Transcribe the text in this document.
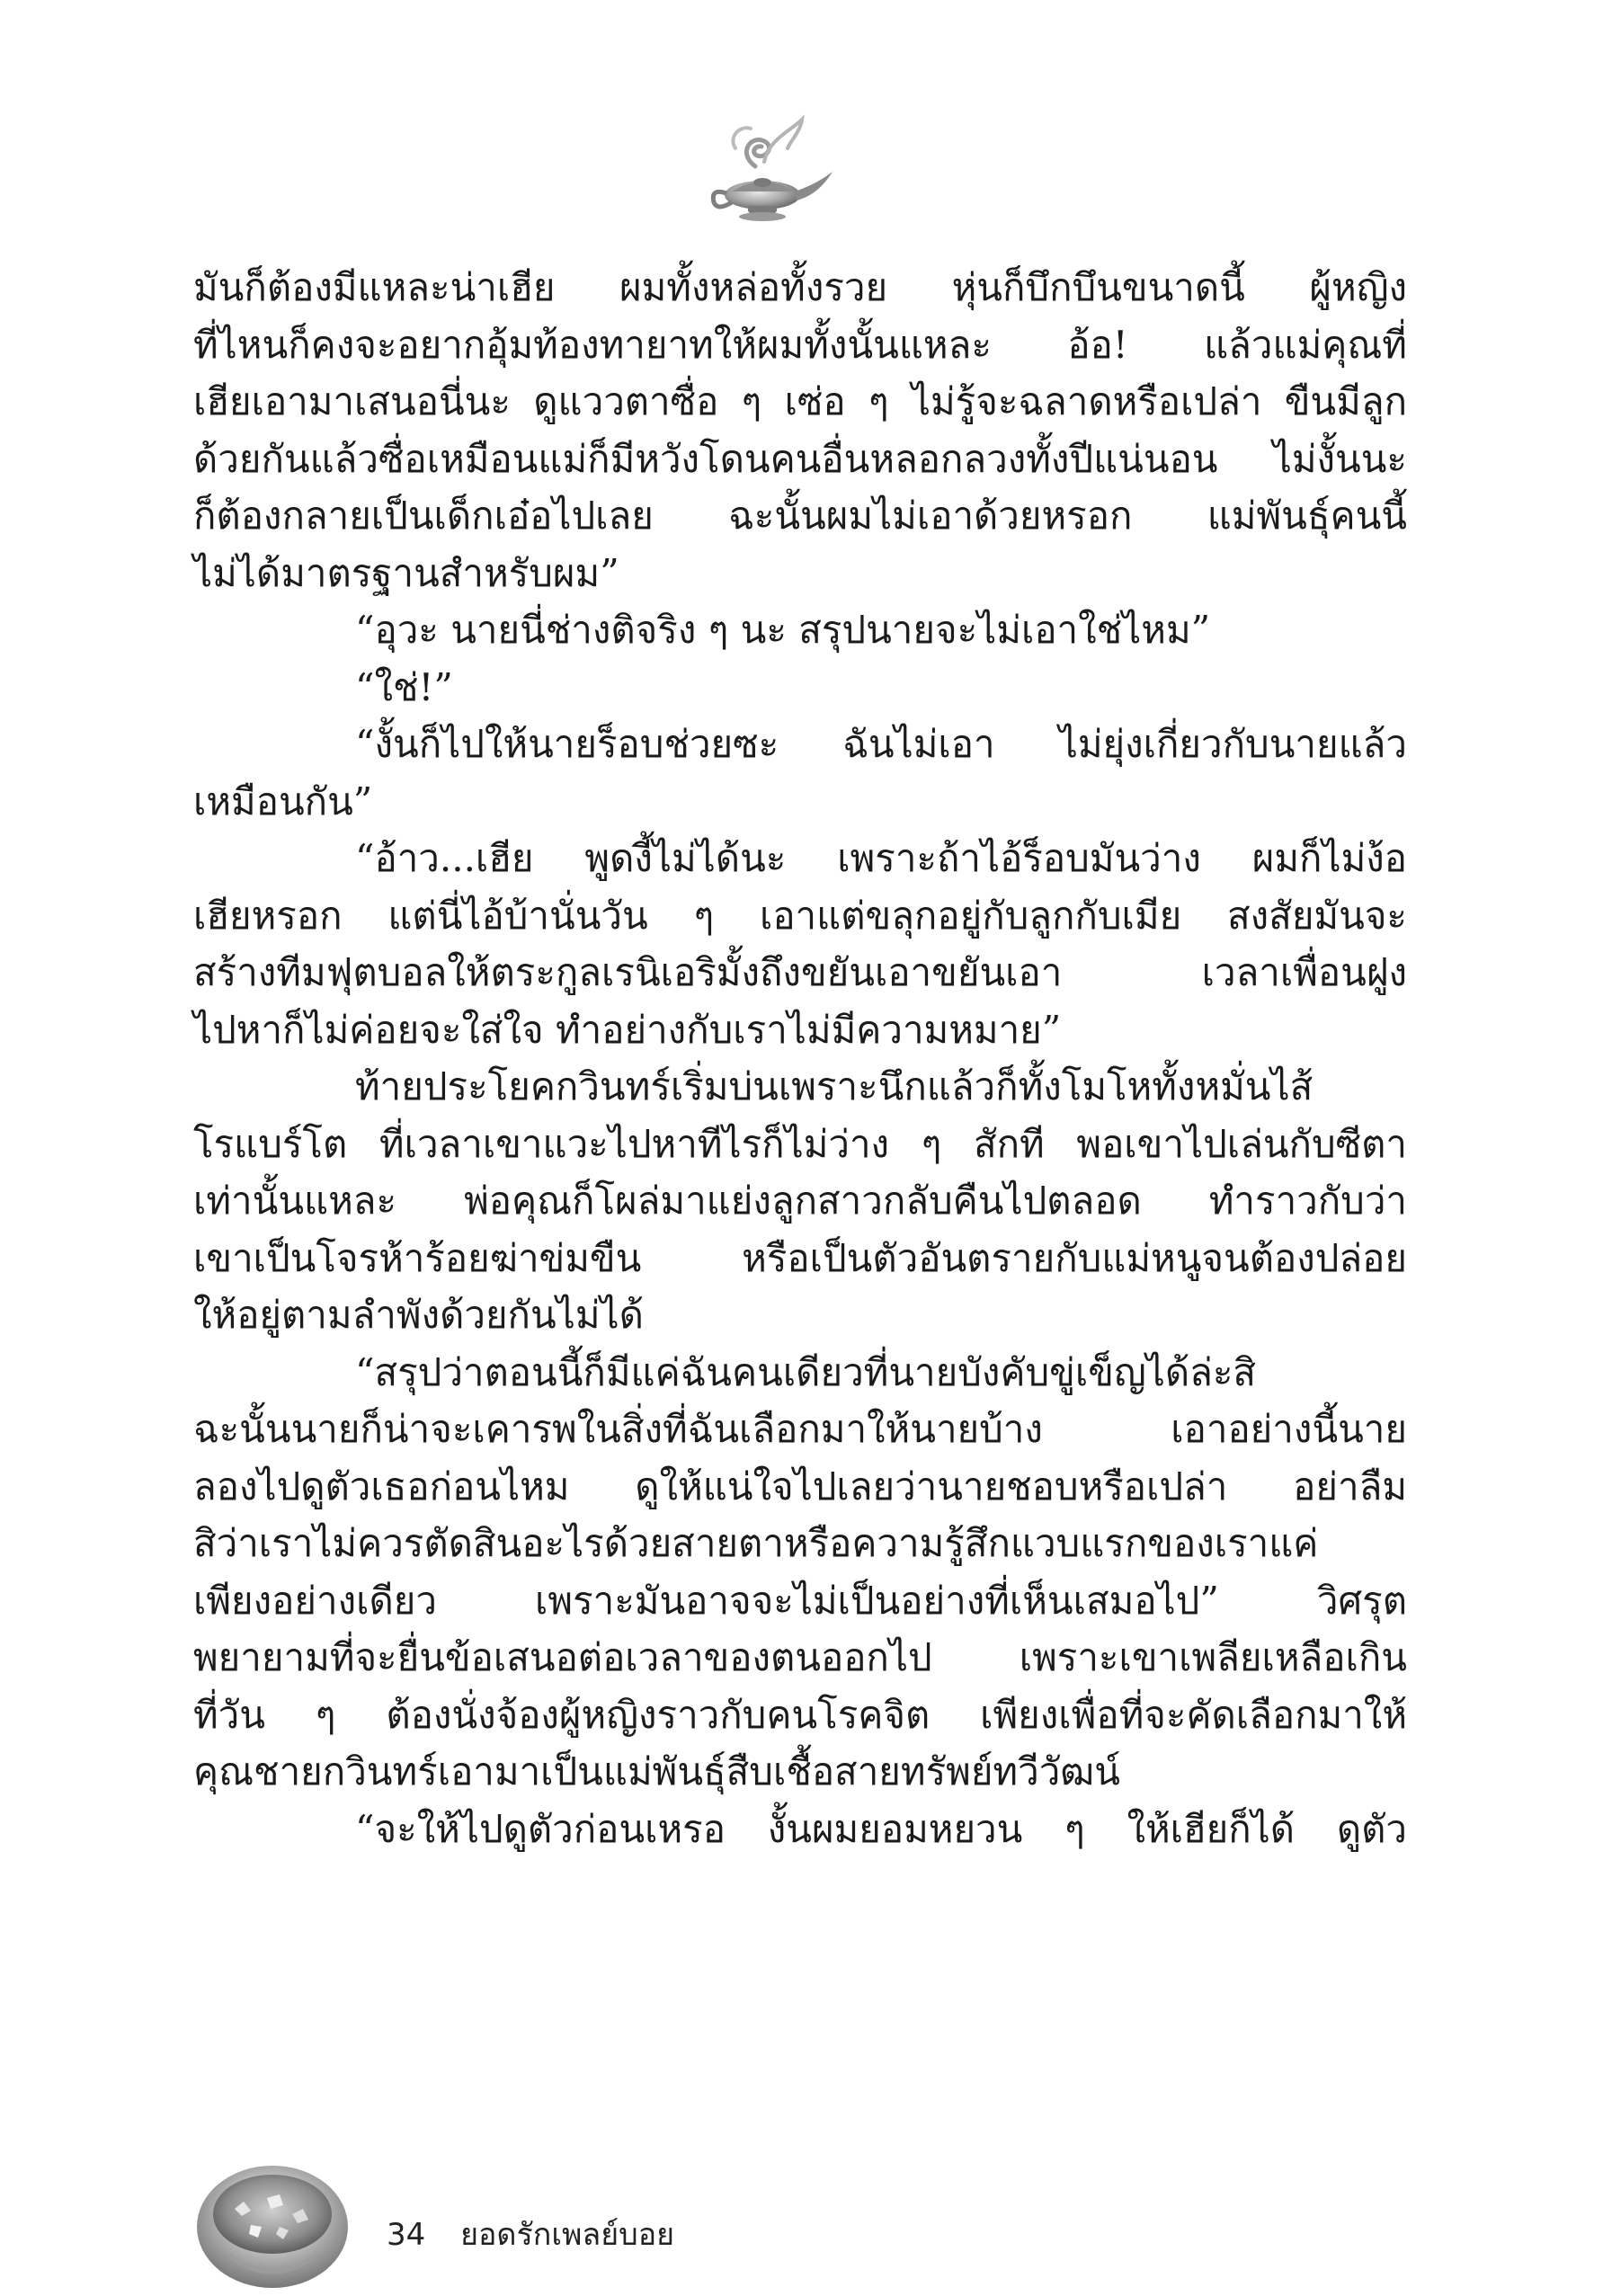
มันก็ต้องมีแหละน่าเฮีย ผมทั้งหล่อทั้งรวย หุ่นก็บึกบึนขนาดนี้ ผู้หญิง
ที่ไหนก็คงจะอยากอุ้มท้องทายาทให้ผมทั้งนั้นแหละ อ้อ! แล้วแม่คุณที่
เฮียเอามาเสนอนี่นะ ดูแววตาซื่อ ๆ เซ่อ ๆ ไม่รู้จะฉลาดหรือเปล่า ขืนมีลูก
ด้วยกันแล้วซื่อเหมือนแม่ก็มีหวังโดนคนอื่นหลอกลวงทั้งปีแน่นอน ไม่งั้นนะ
ก็ต้องกลายเป็นเด็กเอ๋อไปเลย ฉะนั้นผมไม่เอาด้วยหรอก แม่พันธุ์คนนี้
ไม่ได้มาตรฐานสำหรับผม”
“อุวะ นายนี่ช่างติจริง ๆ นะ สรุปนายจะไม่เอาใช่ไหม”
“ใช่!”
“งั้นก็ไปให้นายร็อบช่วยซะ ฉันไม่เอา ไม่ยุ่งเกี่ยวกับนายแล้ว
เหมือนกัน”
“อ้าว...เฮีย พูดงี้ไม่ได้นะ เพราะถ้าไอ้ร็อบมันว่าง ผมก็ไม่ง้อ
เฮียหรอก แต่นี่ไอ้บ้านั่นวัน ๆ เอาแต่ขลุกอยู่กับลูกกับเมีย สงสัยมันจะ
สร้างทีมฟุตบอลให้ตระกูลเรนิเอริมั้งถึงขยันเอาขยันเอา เวลาเพื่อนฝูง
ไปหาก็ไม่ค่อยจะใส่ใจ ทำอย่างกับเราไม่มีความหมาย”
ท้ายประโยคกวินทร์เริ่มบ่นเพราะนึกแล้วก็ทั้งโมโหทั้งหมั่นไส้
โรแบร์โต ที่เวลาเขาแวะไปหาทีไรก็ไม่ว่าง ๆ สักที พอเขาไปเล่นกับซีตา
เท่านั้นแหละ พ่อคุณก็โผล่มาแย่งลูกสาวกลับคืนไปตลอด ทำราวกับว่า
เขาเป็นโจรห้าร้อยฆ่าข่มขืน หรือเป็นตัวอันตรายกับแม่หนูจนต้องปล่อย
ให้อยู่ตามลำพังด้วยกันไม่ได้
“สรุปว่าตอนนี้ก็มีแค่ฉันคนเดียวที่นายบังคับขู่เข็ญได้ล่ะสิ
ฉะนั้นนายก็น่าจะเคารพในสิ่งที่ฉันเลือกมาให้นายบ้าง เอาอย่างนี้นาย
ลองไปดูตัวเธอก่อนไหม ดูให้แน่ใจไปเลยว่านายชอบหรือเปล่า อย่าลืม
สิว่าเราไม่ควรตัดสินอะไรด้วยสายตาหรือความรู้สึกแวบแรกของเราแค่
เพียงอย่างเดียว เพราะมันอาจจะไม่เป็นอย่างที่เห็นเสมอไป” วิศรุต
พยายามที่จะยื่นข้อเสนอต่อเวลาของตนออกไป เพราะเขาเพลียเหลือเกิน
ที่วัน ๆ ต้องนั่งจ้องผู้หญิงราวกับคนโรคจิต เพียงเพื่อที่จะคัดเลือกมาให้
คุณชายกวินทร์เอามาเป็นแม่พันธุ์สืบเชื้อสายทรัพย์ทวีวัฒน์
“จะให้ไปดูตัวก่อนเหรอ งั้นผมยอมหยวน ๆ ให้เฮียก็ได้ ดูตัว
34 ยอดรักเพลย์บอย
